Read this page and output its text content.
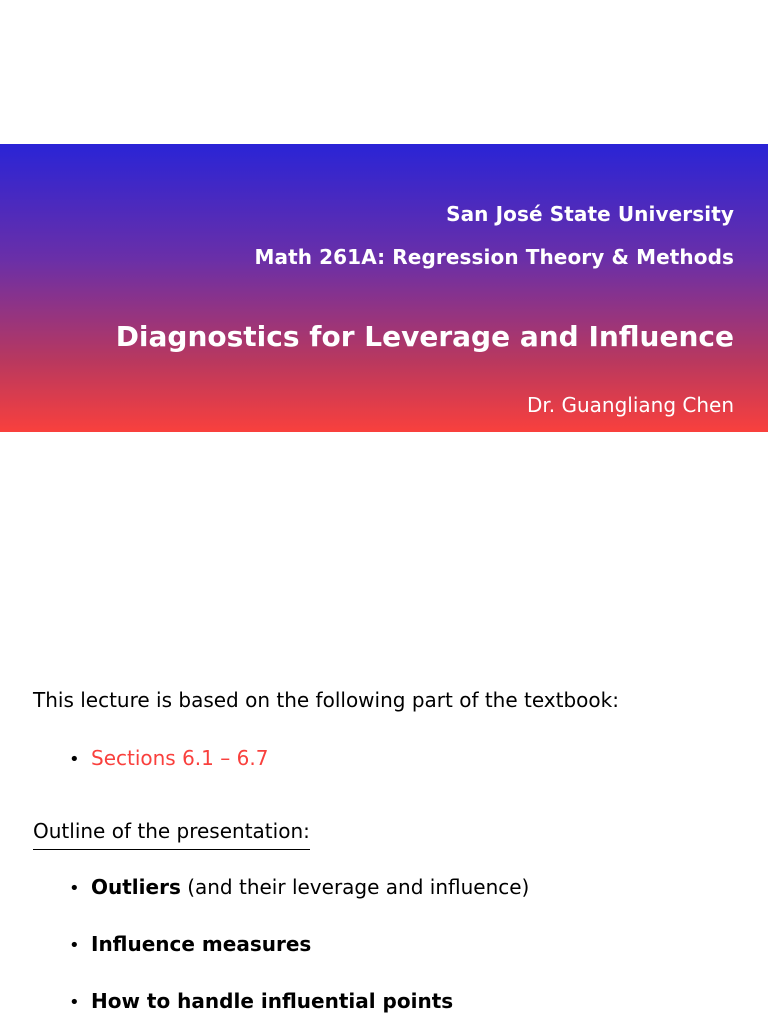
San José State University
Math 261A: Regression Theory & Methods
Diagnostics for Leverage and Influence
Dr. Guangliang Chen
This lecture is based on the following part of the textbook:
• Sections 6.1 – 6.7
Outline of the presentation:
• Outliers (and their leverage and influence)
• Influence measures
• How to handle influential points
